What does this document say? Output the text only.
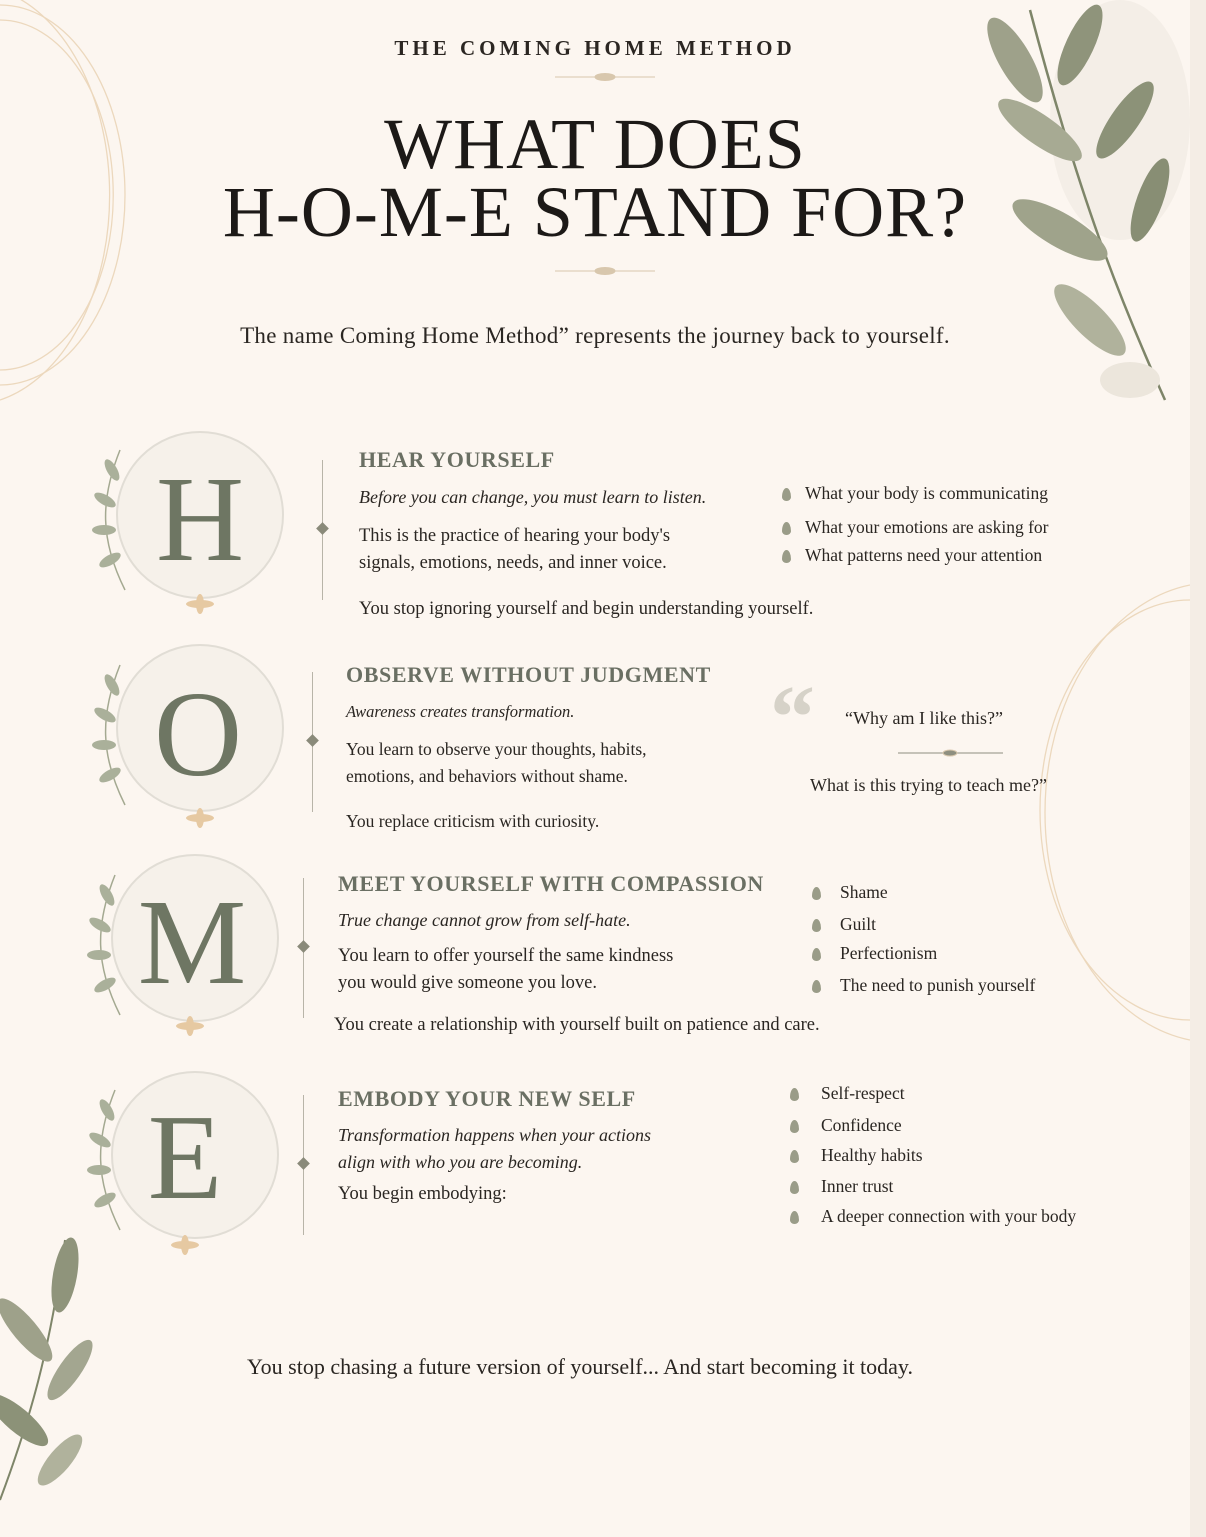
THE COMING HOME METHOD
WHAT DOES
H-O-M-E STAND FOR?
The name Coming Home Method” represents the journey back to yourself.
H	HEAR YOURSELF
Before you can change, you must learn to listen.
This is the practice of hearing your body's
signals, emotions, needs, and inner voice.
You stop ignoring yourself and begin understanding yourself.
What your body is communicating
What your emotions are asking for
What patterns need your attention
O	OBSERVE WITHOUT JUDGMENT
Awareness creates transformation.
You learn to observe your thoughts, habits,
emotions, and behaviors without shame.
You replace criticism with curiosity.
“ “Why am I like this?”
What is this trying to teach me?”
M	MEET YOURSELF WITH COMPASSION
True change cannot grow from self-hate.
You learn to offer yourself the same kindness
you would give someone you love.
You create a relationship with yourself built on patience and care.
Shame
Guilt
Perfectionism
The need to punish yourself
E	EMBODY YOUR NEW SELF
Transformation happens when your actions
align with who you are becoming.
You begin embodying:
Self-respect
Confidence
Healthy habits
Inner trust
A deeper connection with your body
You stop chasing a future version of yourself... And start becoming it today.
